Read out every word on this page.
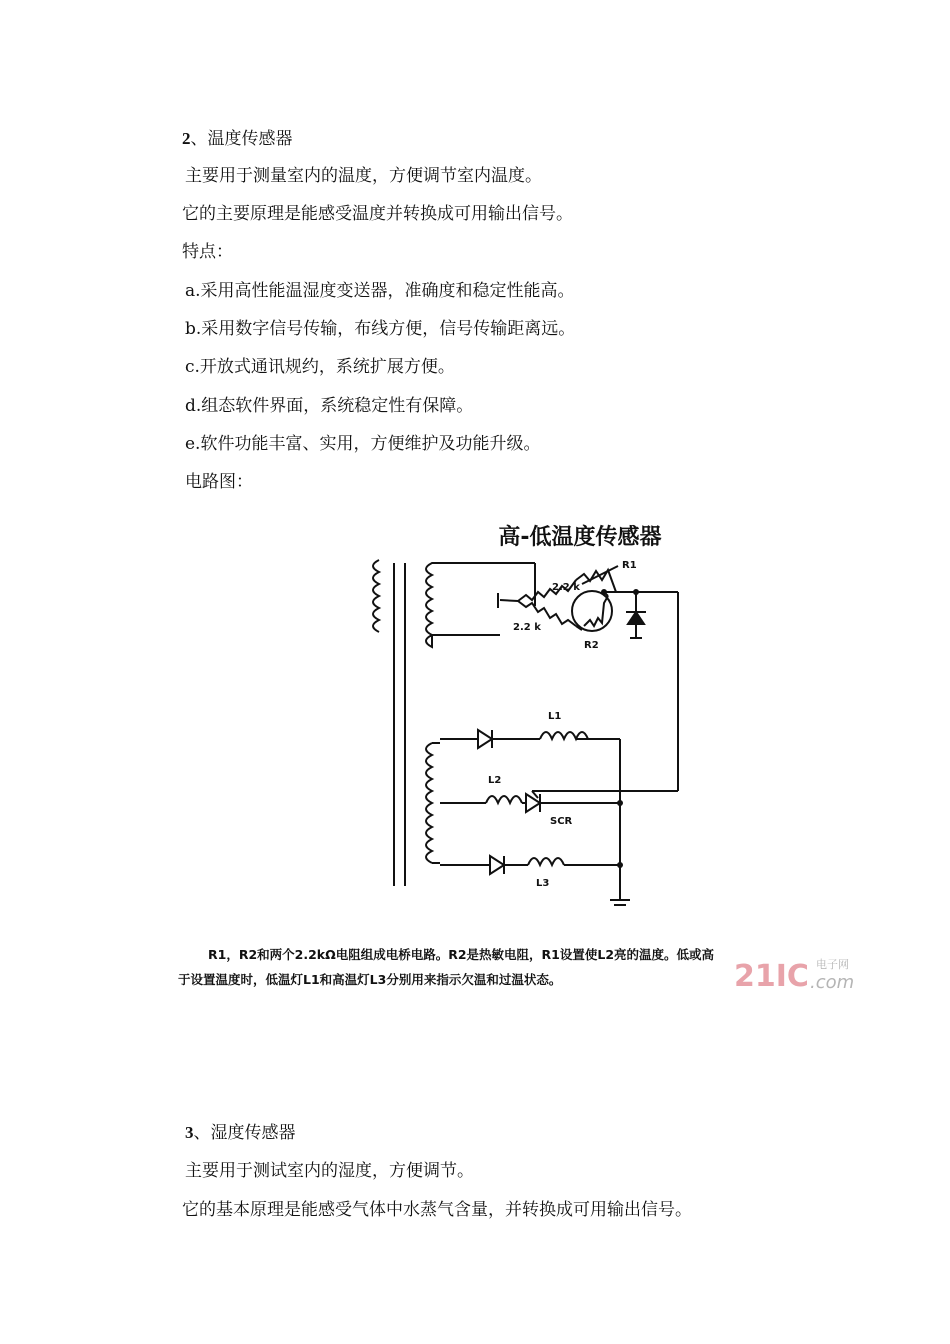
2、温度传感器
主要用于测量室内的温度，方便调节室内温度。
它的主要原理是能感受温度并转换成可用输出信号。
特点：
a.采用高性能温湿度变送器，准确度和稳定性能高。
b.采用数字信号传输，布线方便，信号传输距离远。
c.开放式通讯规约，系统扩展方便。
d.组态软件界面，系统稳定性有保障。
e.软件功能丰富、实用，方便维护及功能升级。
电路图：
高-低温度传感器
R1
2.2 k
2.2 k
R2
L1
L2
SCR
L3
R1，R2和两个2.2kΩ电阻组成电桥电路。R2是热敏电阻，R1设置使L2亮的温度。低或高
于设置温度时，低温灯L1和高温灯L3分别用来指示欠温和过温状态。	21IC 电子网
.com
3、湿度传感器
主要用于测试室内的湿度，方便调节。
它的基本原理是能感受气体中水蒸气含量，并转换成可用输出信号。
